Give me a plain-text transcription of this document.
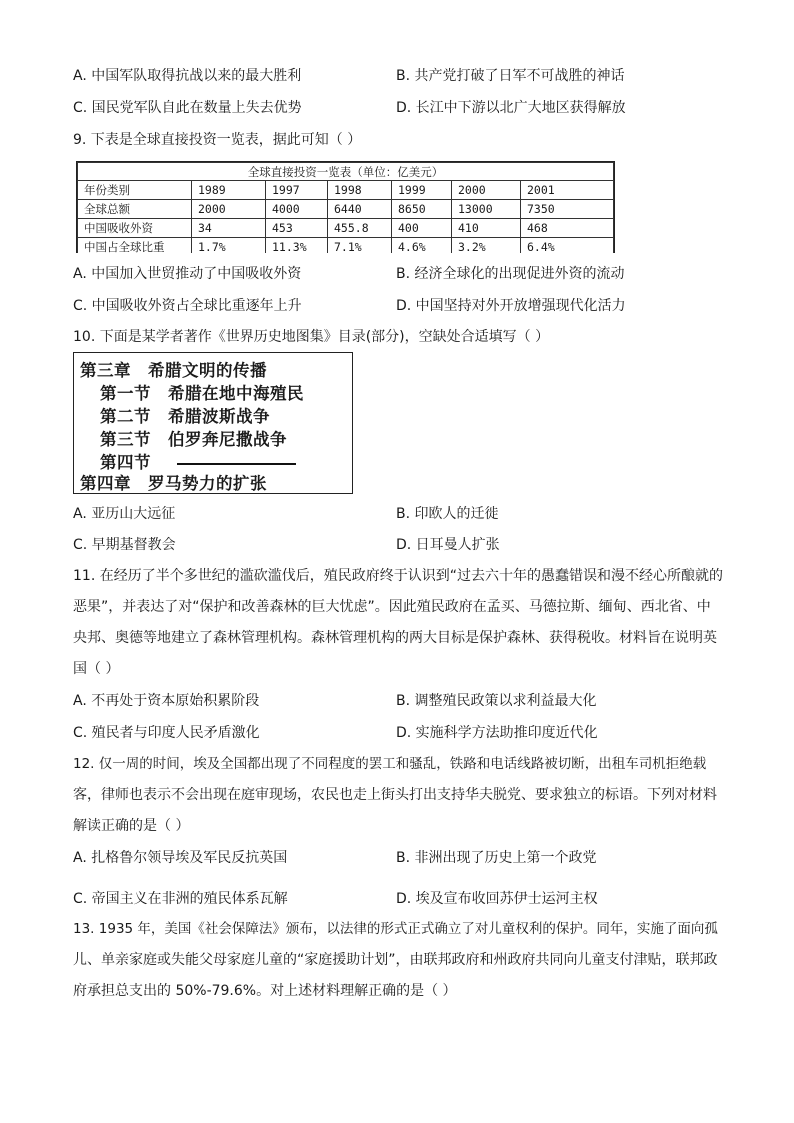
A. 中国军队取得抗战以来的最大胜利	B. 共产党打破了日军不可战胜的神话
C. 国民党军队自此在数量上失去优势	D. 长江中下游以北广大地区获得解放
9. 下表是全球直接投资一览表，据此可知（ ）
全球直接投资一览表（单位：亿美元）						
年份类别	1989	1997	1998	1999	2000	2001
全球总额	2000	4000	6440	8650	13000	7350
中国吸收外资	34	453	455.8	400	410	468
中国占全球比重	1.7%	11.3%	7.1%	4.6%	3.2%	6.4%
A. 中国加入世贸推动了中国吸收外资	B. 经济全球化的出现促进外资的流动
C. 中国吸收外资占全球比重逐年上升	D. 中国坚持对外开放增强现代化活力
10. 下面是某学者著作《世界历史地图集》目录(部分)，空缺处合适填写（ ）
第三章　希腊文明的传播
第一节　希腊在地中海殖民
第二节　希腊波斯战争
第三节　伯罗奔尼撒战争
第四节
第四章　罗马势力的扩张
A. 亚历山大远征	B. 印欧人的迁徙
C. 早期基督教会	D. 日耳曼人扩张
11. 在经历了半个多世纪的滥砍滥伐后，殖民政府终于认识到“过去六十年的愚蠢错误和漫不经心所酿就的
恶果”，并表达了对“保护和改善森林的巨大忧虑”。因此殖民政府在孟买、马德拉斯、缅甸、西北省、中
央邦、奥德等地建立了森林管理机构。森林管理机构的两大目标是保护森林、获得税收。材料旨在说明英
国（ ）
A. 不再处于资本原始积累阶段	B. 调整殖民政策以求利益最大化
C. 殖民者与印度人民矛盾激化	D. 实施科学方法助推印度近代化
12. 仅一周的时间，埃及全国都出现了不同程度的罢工和骚乱，铁路和电话线路被切断，出租车司机拒绝载
客，律师也表示不会出现在庭审现场，农民也走上街头打出支持华夫脱党、要求独立的标语。下列对材料
解读正确的是（ ）
A. 扎格鲁尔领导埃及军民反抗英国	B. 非洲出现了历史上第一个政党
C. 帝国主义在非洲的殖民体系瓦解	D. 埃及宣布收回苏伊士运河主权
13. 1935 年，美国《社会保障法》颁布，以法律的形式正式确立了对儿童权利的保护。同年，实施了面向孤
儿、单亲家庭或失能父母家庭儿童的“家庭援助计划”，由联邦政府和州政府共同向儿童支付津贴，联邦政
府承担总支出的 50%-79.6%。对上述材料理解正确的是（ ）
